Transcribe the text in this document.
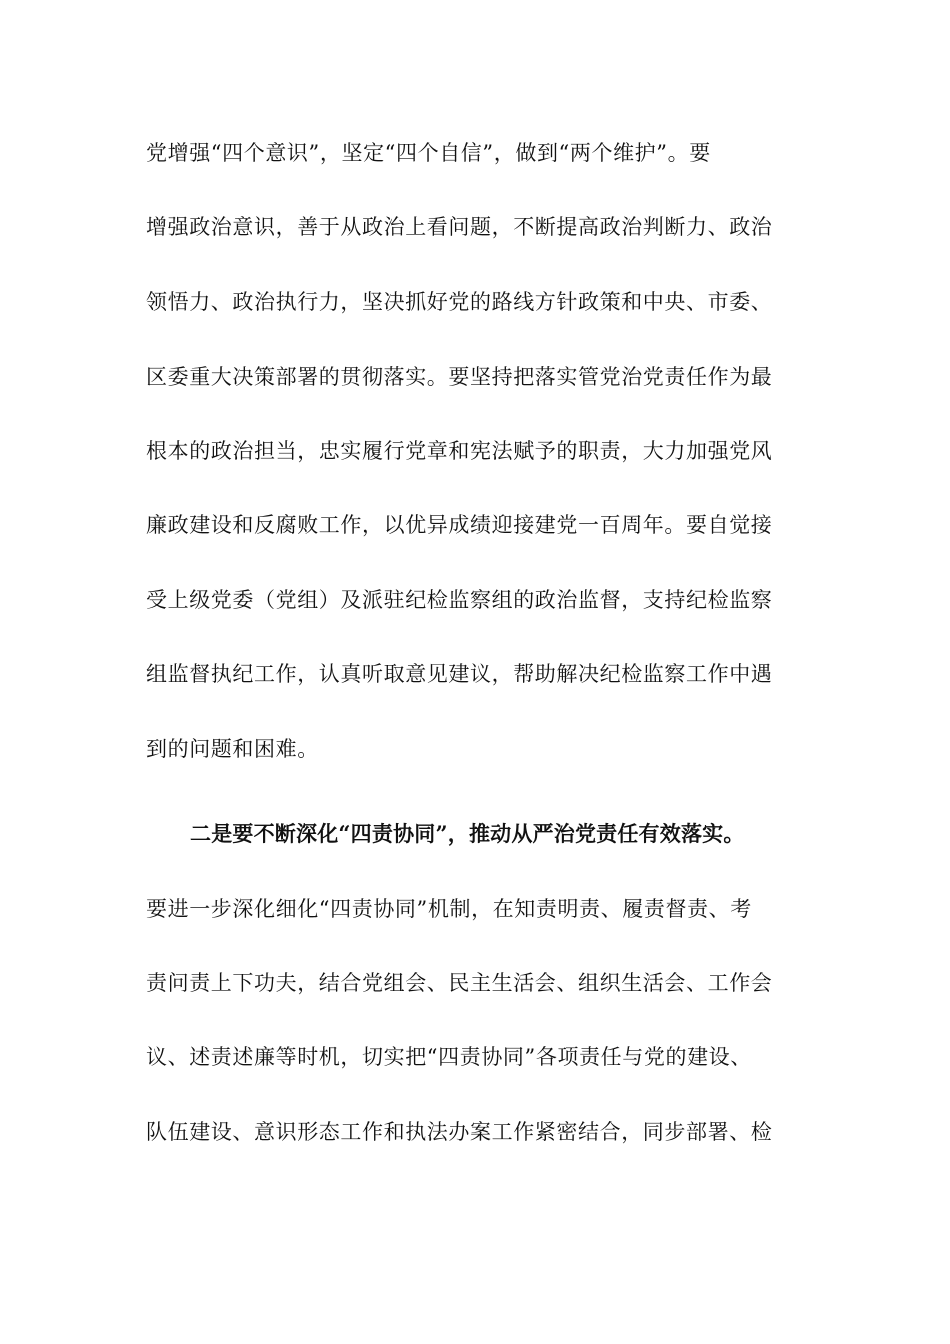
党增强“四个意识”，坚定“四个自信”，做到“两个维护”。要
增强政治意识，善于从政治上看问题，不断提高政治判断力、政治
领悟力、政治执行力，坚决抓好党的路线方针政策和中央、市委、
区委重大决策部署的贯彻落实。要坚持把落实管党治党责任作为最
根本的政治担当，忠实履行党章和宪法赋予的职责，大力加强党风
廉政建设和反腐败工作，以优异成绩迎接建党一百周年。要自觉接
受上级党委（党组）及派驻纪检监察组的政治监督，支持纪检监察
组监督执纪工作，认真听取意见建议，帮助解决纪检监察工作中遇
到的问题和困难。
二是要不断深化“四责协同”，推动从严治党责任有效落实。
要进一步深化细化“四责协同”机制，在知责明责、履责督责、考
责问责上下功夫，结合党组会、民主生活会、组织生活会、工作会
议、述责述廉等时机，切实把“四责协同”各项责任与党的建设、
队伍建设、意识形态工作和执法办案工作紧密结合，同步部署、检
